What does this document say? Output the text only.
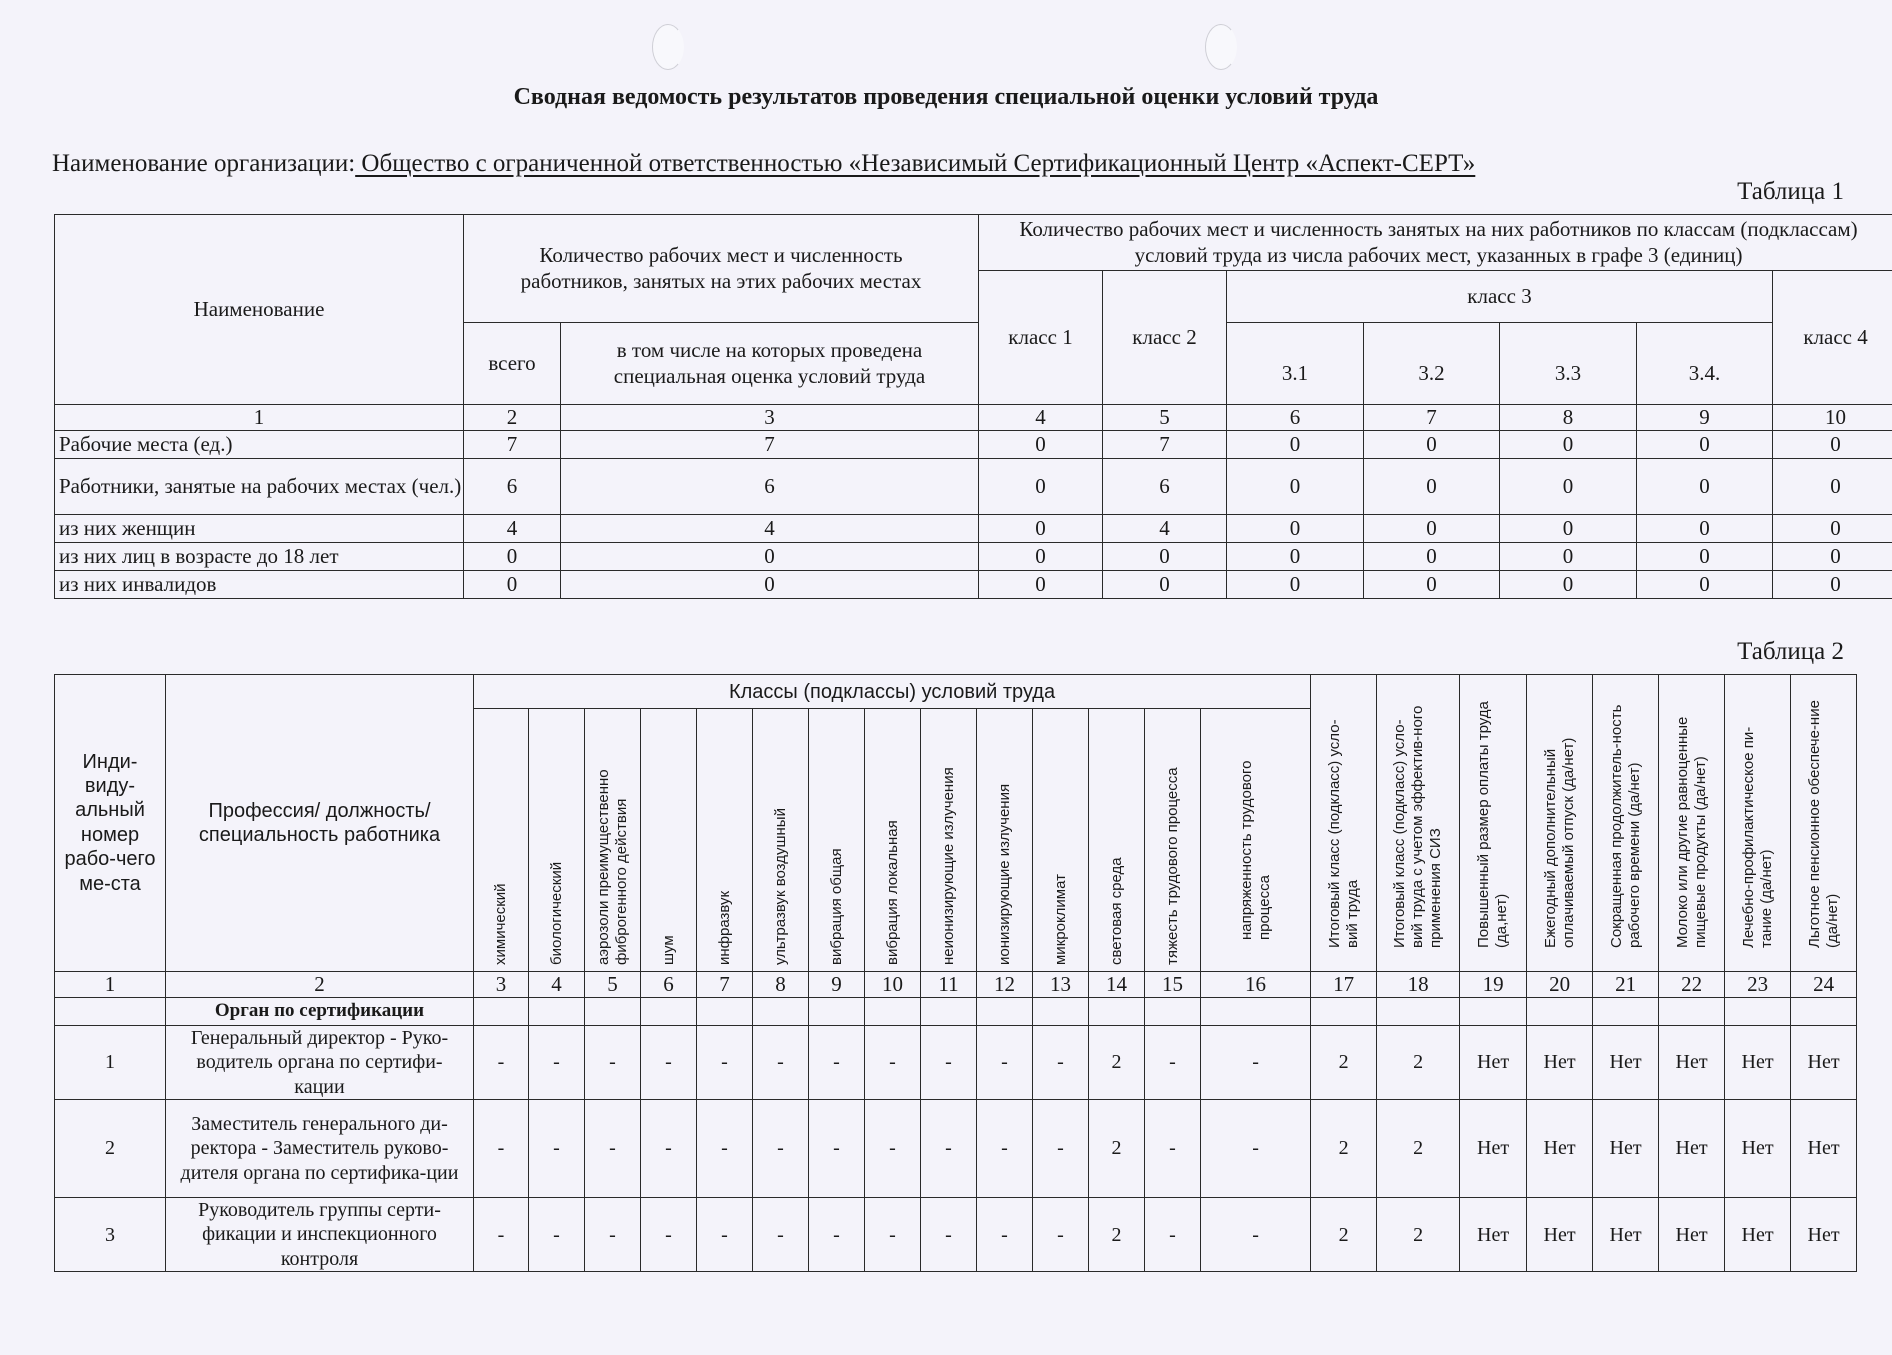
Сводная ведомость результатов проведения специальной оценки условий труда
Наименование организации: Общество с ограниченной ответственностью «Независимый Сертификационный Центр «Аспект-СЕРТ»
Таблица 1
Наименование	Количество рабочих мест и численность работников, занятых на этих рабочих местах		Количество рабочих мест и численность занятых на них работников по классам (подклассам) условий труда из числа рабочих мест, указанных в графе 3 (единиц)						
			класс 1	класс 2	класс 3				класс 4
	всего	в том числе на которых проведена специальная оценка условий труда			3.1	3.2	3.3	3.4.	
1	2	3	4	5	6	7	8	9	10
Рабочие места (ед.)	7	7	0	7	0	0	0	0	0
Работники, занятые на рабочих местах (чел.)	6	6	0	6	0	0	0	0	0
из них женщин	4	4	0	4	0	0	0	0	0
из них лиц в возрасте до 18 лет	0	0	0	0	0	0	0	0	0
из них инвалидов	0	0	0	0	0	0	0	0	0
Таблица 2
Инди-виду-альный номер рабо-чего ме-ста	Профессия/ должность/ специальность работника	Классы (подклассы) условий труда														Итоговый класс (подкласс) усло-вий труда	Итоговый класс (подкласс) усло-вий труда с учетом эффектив-ного применения СИЗ	Повышенный размер оплаты труда (да,нет)	Ежегодный дополнительный оплачиваемый отпуск (да/нет)	Сокращенная продолжитель-ность рабочего времени (да/нет)	Молоко или другие равноценные пищевые продукты (да/нет)	Лечебно-профилактическое пи-тание (да/нет)	Льготное пенсионное обеспече-ние (да/нет)
		химический	биологический	аэрозоли преимущественно фиброгенного действия	шум	инфразвук	ультразвук воздушный	вибрация общая	вибрация локальная	неионизирующие излучения	ионизирующие излучения	микроклимат	световая среда	тяжесть трудового процесса	напряженность трудового процесса								
1	2	3	4	5	6	7	8	9	10	11	12	13	14	15	16	17	18	19	20	21	22	23	24
	Орган по сертификации																						
1	Генеральный директор - Руко-водитель органа по сертифи-кации	-	-	-	-	-	-	-	-	-	-	-	2	-	-	2	2	Нет	Нет	Нет	Нет	Нет	Нет
2	Заместитель генерального ди-ректора - Заместитель руково-дителя органа по сертифика-ции	-	-	-	-	-	-	-	-	-	-	-	2	-	-	2	2	Нет	Нет	Нет	Нет	Нет	Нет
3	Руководитель группы серти-фикации и инспекционного контроля	-	-	-	-	-	-	-	-	-	-	-	2	-	-	2	2	Нет	Нет	Нет	Нет	Нет	Нет
